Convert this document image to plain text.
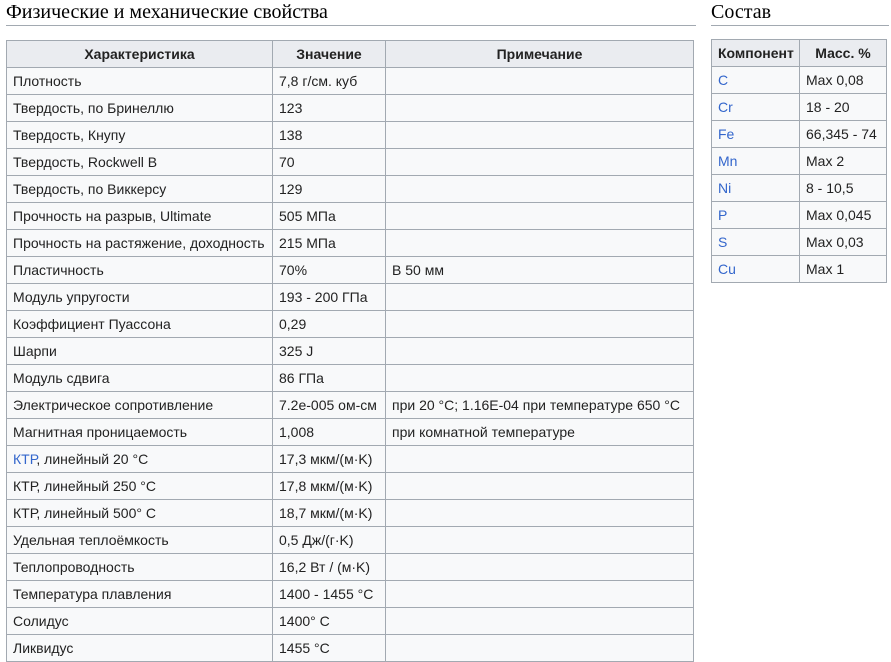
Физические и механические свойства	Состав
Характеристика	Значение	Примечание
Плотность	7,8 г/см. куб	
Твердость, по Бринеллю	123	
Твердость, Кнупу	138	
Твердость, Rockwell B	70	
Твердость, по Виккерсу	129	
Прочность на разрыв, Ultimate	505 МПа	
Прочность на растяжение, доходность	215 МПа	
Пластичность	70%	В 50 мм
Модуль упругости	193 - 200 ГПа	
Коэффициент Пуассона	0,29	
Шарпи	325 J	
Модуль сдвига	86 ГПа	
Электрическое сопротивление	7.2e-005 ом-см	при 20 °C; 1.16E-04 при температуре 650 °C
Магнитная проницаемость	1,008	при комнатной температуре
КТР, линейный 20 °C	17,3 мкм/(м·K)	
КТР, линейный 250 °C	17,8 мкм/(м·K)	
КТР, линейный 500° C	18,7 мкм/(м·K)	
Удельная теплоёмкость	0,5 Дж/(г·K)	
Теплопроводность	16,2 Вт / (м·K)	
Температура плавления	1400 - 1455 °C	
Солидус	1400° C	
Ликвидус	1455 °C	
Компонент	Масс. %
C	Max 0,08
Cr	18 - 20
Fe	66,345 - 74
Mn	Max 2
Ni	8 - 10,5
P	Max 0,045
S	Max 0,03
Cu	Max 1
